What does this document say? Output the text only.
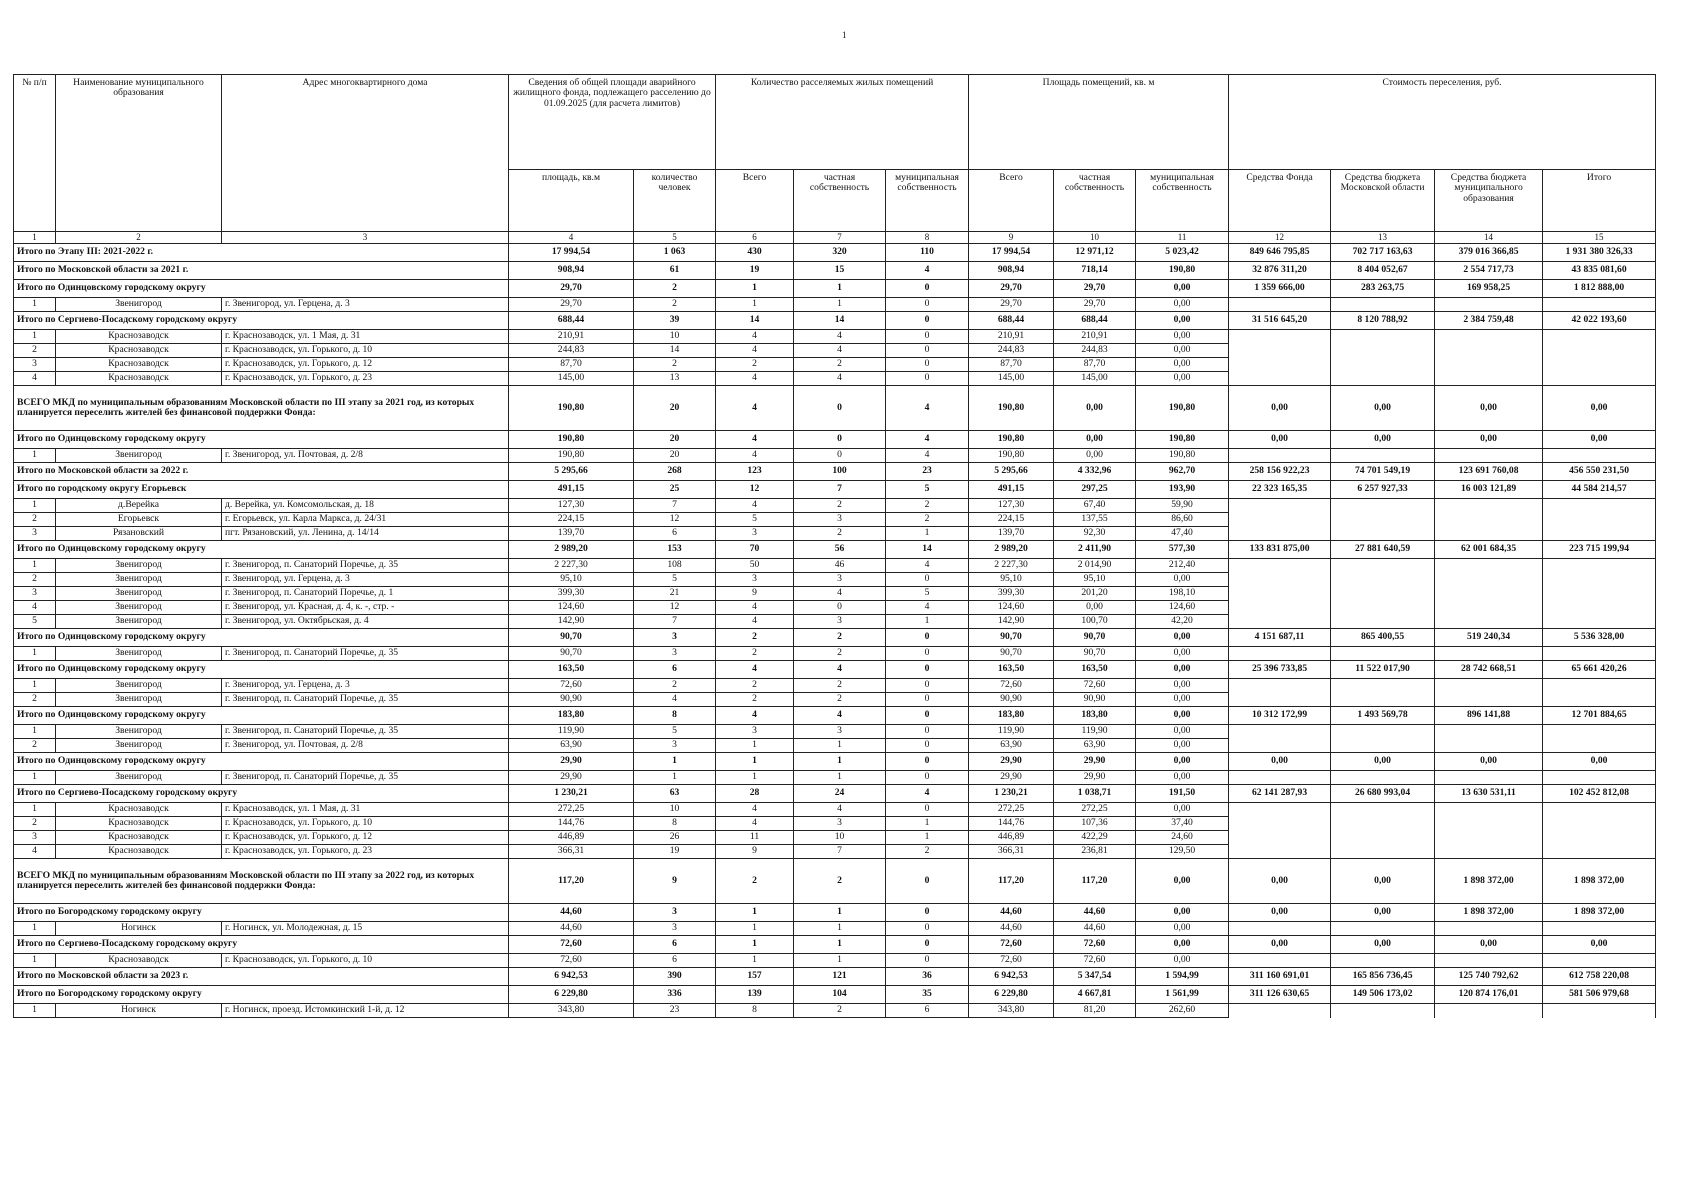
1
№ п/п	Наименование муниципального образования	Адрес многоквартирного дома	Сведения об общей площади аварийного жилищного фонда, подлежащего расселению до 01.09.2025 (для расчета лимитов)		Количество расселяемых жилых помещений			Площадь помещений, кв. м			Стоимость переселения, руб.			
			площадь, кв.м	количество человек	Всего	частная собственность	муниципальная собственность	Всего	частная собственность	муниципальная собственность	Средства Фонда	Средства бюджета Московской области	Средства бюджета муниципального образования	Итого
1	2	3	4	5	6	7	8	9	10	11	12	13	14	15
Итого по Этапу III: 2021-2022 г.			17 994,54	1 063	430	320	110	17 994,54	12 971,12	5 023,42	849 646 795,85	702 717 163,63	379 016 366,85	1 931 380 326,33
Итого по Московской области за 2021 г.			908,94	61	19	15	4	908,94	718,14	190,80	32 876 311,20	8 404 052,67	2 554 717,73	43 835 081,60
Итого по Одинцовскому городскому округу			29,70	2	1	1	0	29,70	29,70	0,00	1 359 666,00	283 263,75	169 958,25	1 812 888,00
1	Звенигород	г. Звенигород, ул. Герцена, д. 3	29,70	2	1	1	0	29,70	29,70	0,00				
Итого по Сергиево-Посадскому городскому округу			688,44	39	14	14	0	688,44	688,44	0,00	31 516 645,20	8 120 788,92	2 384 759,48	42 022 193,60
1	Краснозаводск	г. Краснозаводск, ул. 1 Мая, д. 31	210,91	10	4	4	0	210,91	210,91	0,00				
2	Краснозаводск	г. Краснозаводск, ул. Горького, д. 10	244,83	14	4	4	0	244,83	244,83	0,00				
3	Краснозаводск	г. Краснозаводск, ул. Горького, д. 12	87,70	2	2	2	0	87,70	87,70	0,00				
4	Краснозаводск	г. Краснозаводск, ул. Горького, д. 23	145,00	13	4	4	0	145,00	145,00	0,00				
ВСЕГО МКД по муниципальным образованиям Московской области по III этапу за 2021 год, из которых планируется переселить жителей без финансовой поддержки Фонда:			190,80	20	4	0	4	190,80	0,00	190,80	0,00	0,00	0,00	0,00
Итого по Одинцовскому городскому округу			190,80	20	4	0	4	190,80	0,00	190,80	0,00	0,00	0,00	0,00
1	Звенигород	г. Звенигород, ул. Почтовая, д. 2/8	190,80	20	4	0	4	190,80	0,00	190,80				
Итого по Московской области за 2022 г.			5 295,66	268	123	100	23	5 295,66	4 332,96	962,70	258 156 922,23	74 701 549,19	123 691 760,08	456 550 231,50
Итого по городскому округу Егорьевск			491,15	25	12	7	5	491,15	297,25	193,90	22 323 165,35	6 257 927,33	16 003 121,89	44 584 214,57
1	д.Верейка	д. Верейка, ул. Комсомольская, д. 18	127,30	7	4	2	2	127,30	67,40	59,90				
2	Егорьевск	г. Егорьевск, ул. Карла Маркса, д. 24/31	224,15	12	5	3	2	224,15	137,55	86,60				
3	Рязановский	пгт. Рязановский, ул. Ленина, д. 14/14	139,70	6	3	2	1	139,70	92,30	47,40				
Итого по Одинцовскому городскому округу			2 989,20	153	70	56	14	2 989,20	2 411,90	577,30	133 831 875,00	27 881 640,59	62 001 684,35	223 715 199,94
1	Звенигород	г. Звенигород, п. Санаторий Поречье, д. 35	2 227,30	108	50	46	4	2 227,30	2 014,90	212,40				
2	Звенигород	г. Звенигород, ул. Герцена, д. 3	95,10	5	3	3	0	95,10	95,10	0,00				
3	Звенигород	г. Звенигород, п. Санаторий Поречье, д. 1	399,30	21	9	4	5	399,30	201,20	198,10				
4	Звенигород	г. Звенигород, ул. Красная, д. 4, к. -, стр. -	124,60	12	4	0	4	124,60	0,00	124,60				
5	Звенигород	г. Звенигород, ул. Октябрьская, д. 4	142,90	7	4	3	1	142,90	100,70	42,20				
Итого по Одинцовскому городскому округу			90,70	3	2	2	0	90,70	90,70	0,00	4 151 687,11	865 400,55	519 240,34	5 536 328,00
1	Звенигород	г. Звенигород, п. Санаторий Поречье, д. 35	90,70	3	2	2	0	90,70	90,70	0,00				
Итого по Одинцовскому городскому округу			163,50	6	4	4	0	163,50	163,50	0,00	25 396 733,85	11 522 017,90	28 742 668,51	65 661 420,26
1	Звенигород	г. Звенигород, ул. Герцена, д. 3	72,60	2	2	2	0	72,60	72,60	0,00				
2	Звенигород	г. Звенигород, п. Санаторий Поречье, д. 35	90,90	4	2	2	0	90,90	90,90	0,00				
Итого по Одинцовскому городскому округу			183,80	8	4	4	0	183,80	183,80	0,00	10 312 172,99	1 493 569,78	896 141,88	12 701 884,65
1	Звенигород	г. Звенигород, п. Санаторий Поречье, д. 35	119,90	5	3	3	0	119,90	119,90	0,00				
2	Звенигород	г. Звенигород, ул. Почтовая, д. 2/8	63,90	3	1	1	0	63,90	63,90	0,00				
Итого по Одинцовскому городскому округу			29,90	1	1	1	0	29,90	29,90	0,00	0,00	0,00	0,00	0,00
1	Звенигород	г. Звенигород, п. Санаторий Поречье, д. 35	29,90	1	1	1	0	29,90	29,90	0,00				
Итого по Сергиево-Посадскому городскому округу			1 230,21	63	28	24	4	1 230,21	1 038,71	191,50	62 141 287,93	26 680 993,04	13 630 531,11	102 452 812,08
1	Краснозаводск	г. Краснозаводск, ул. 1 Мая, д. 31	272,25	10	4	4	0	272,25	272,25	0,00				
2	Краснозаводск	г. Краснозаводск, ул. Горького, д. 10	144,76	8	4	3	1	144,76	107,36	37,40				
3	Краснозаводск	г. Краснозаводск, ул. Горького, д. 12	446,89	26	11	10	1	446,89	422,29	24,60				
4	Краснозаводск	г. Краснозаводск, ул. Горького, д. 23	366,31	19	9	7	2	366,31	236,81	129,50				
ВСЕГО МКД по муниципальным образованиям Московской области по III этапу за 2022 год, из которых планируется переселить жителей без финансовой поддержки Фонда:			117,20	9	2	2	0	117,20	117,20	0,00	0,00	0,00	1 898 372,00	1 898 372,00
Итого по Богородскому городскому округу			44,60	3	1	1	0	44,60	44,60	0,00	0,00	0,00	1 898 372,00	1 898 372,00
1	Ногинск	г. Ногинск, ул. Молодежная, д. 15	44,60	3	1	1	0	44,60	44,60	0,00				
Итого по Сергиево-Посадскому городскому округу			72,60	6	1	1	0	72,60	72,60	0,00	0,00	0,00	0,00	0,00
1	Краснозаводск	г. Краснозаводск, ул. Горького, д. 10	72,60	6	1	1	0	72,60	72,60	0,00				
Итого по Московской области за 2023 г.			6 942,53	390	157	121	36	6 942,53	5 347,54	1 594,99	311 160 691,01	165 856 736,45	125 740 792,62	612 758 220,08
Итого по Богородскому городскому округу			6 229,80	336	139	104	35	6 229,80	4 667,81	1 561,99	311 126 630,65	149 506 173,02	120 874 176,01	581 506 979,68
1	Ногинск	г. Ногинск, проезд. Истомкинский 1-й, д. 12	343,80	23	8	2	6	343,80	81,20	262,60				
